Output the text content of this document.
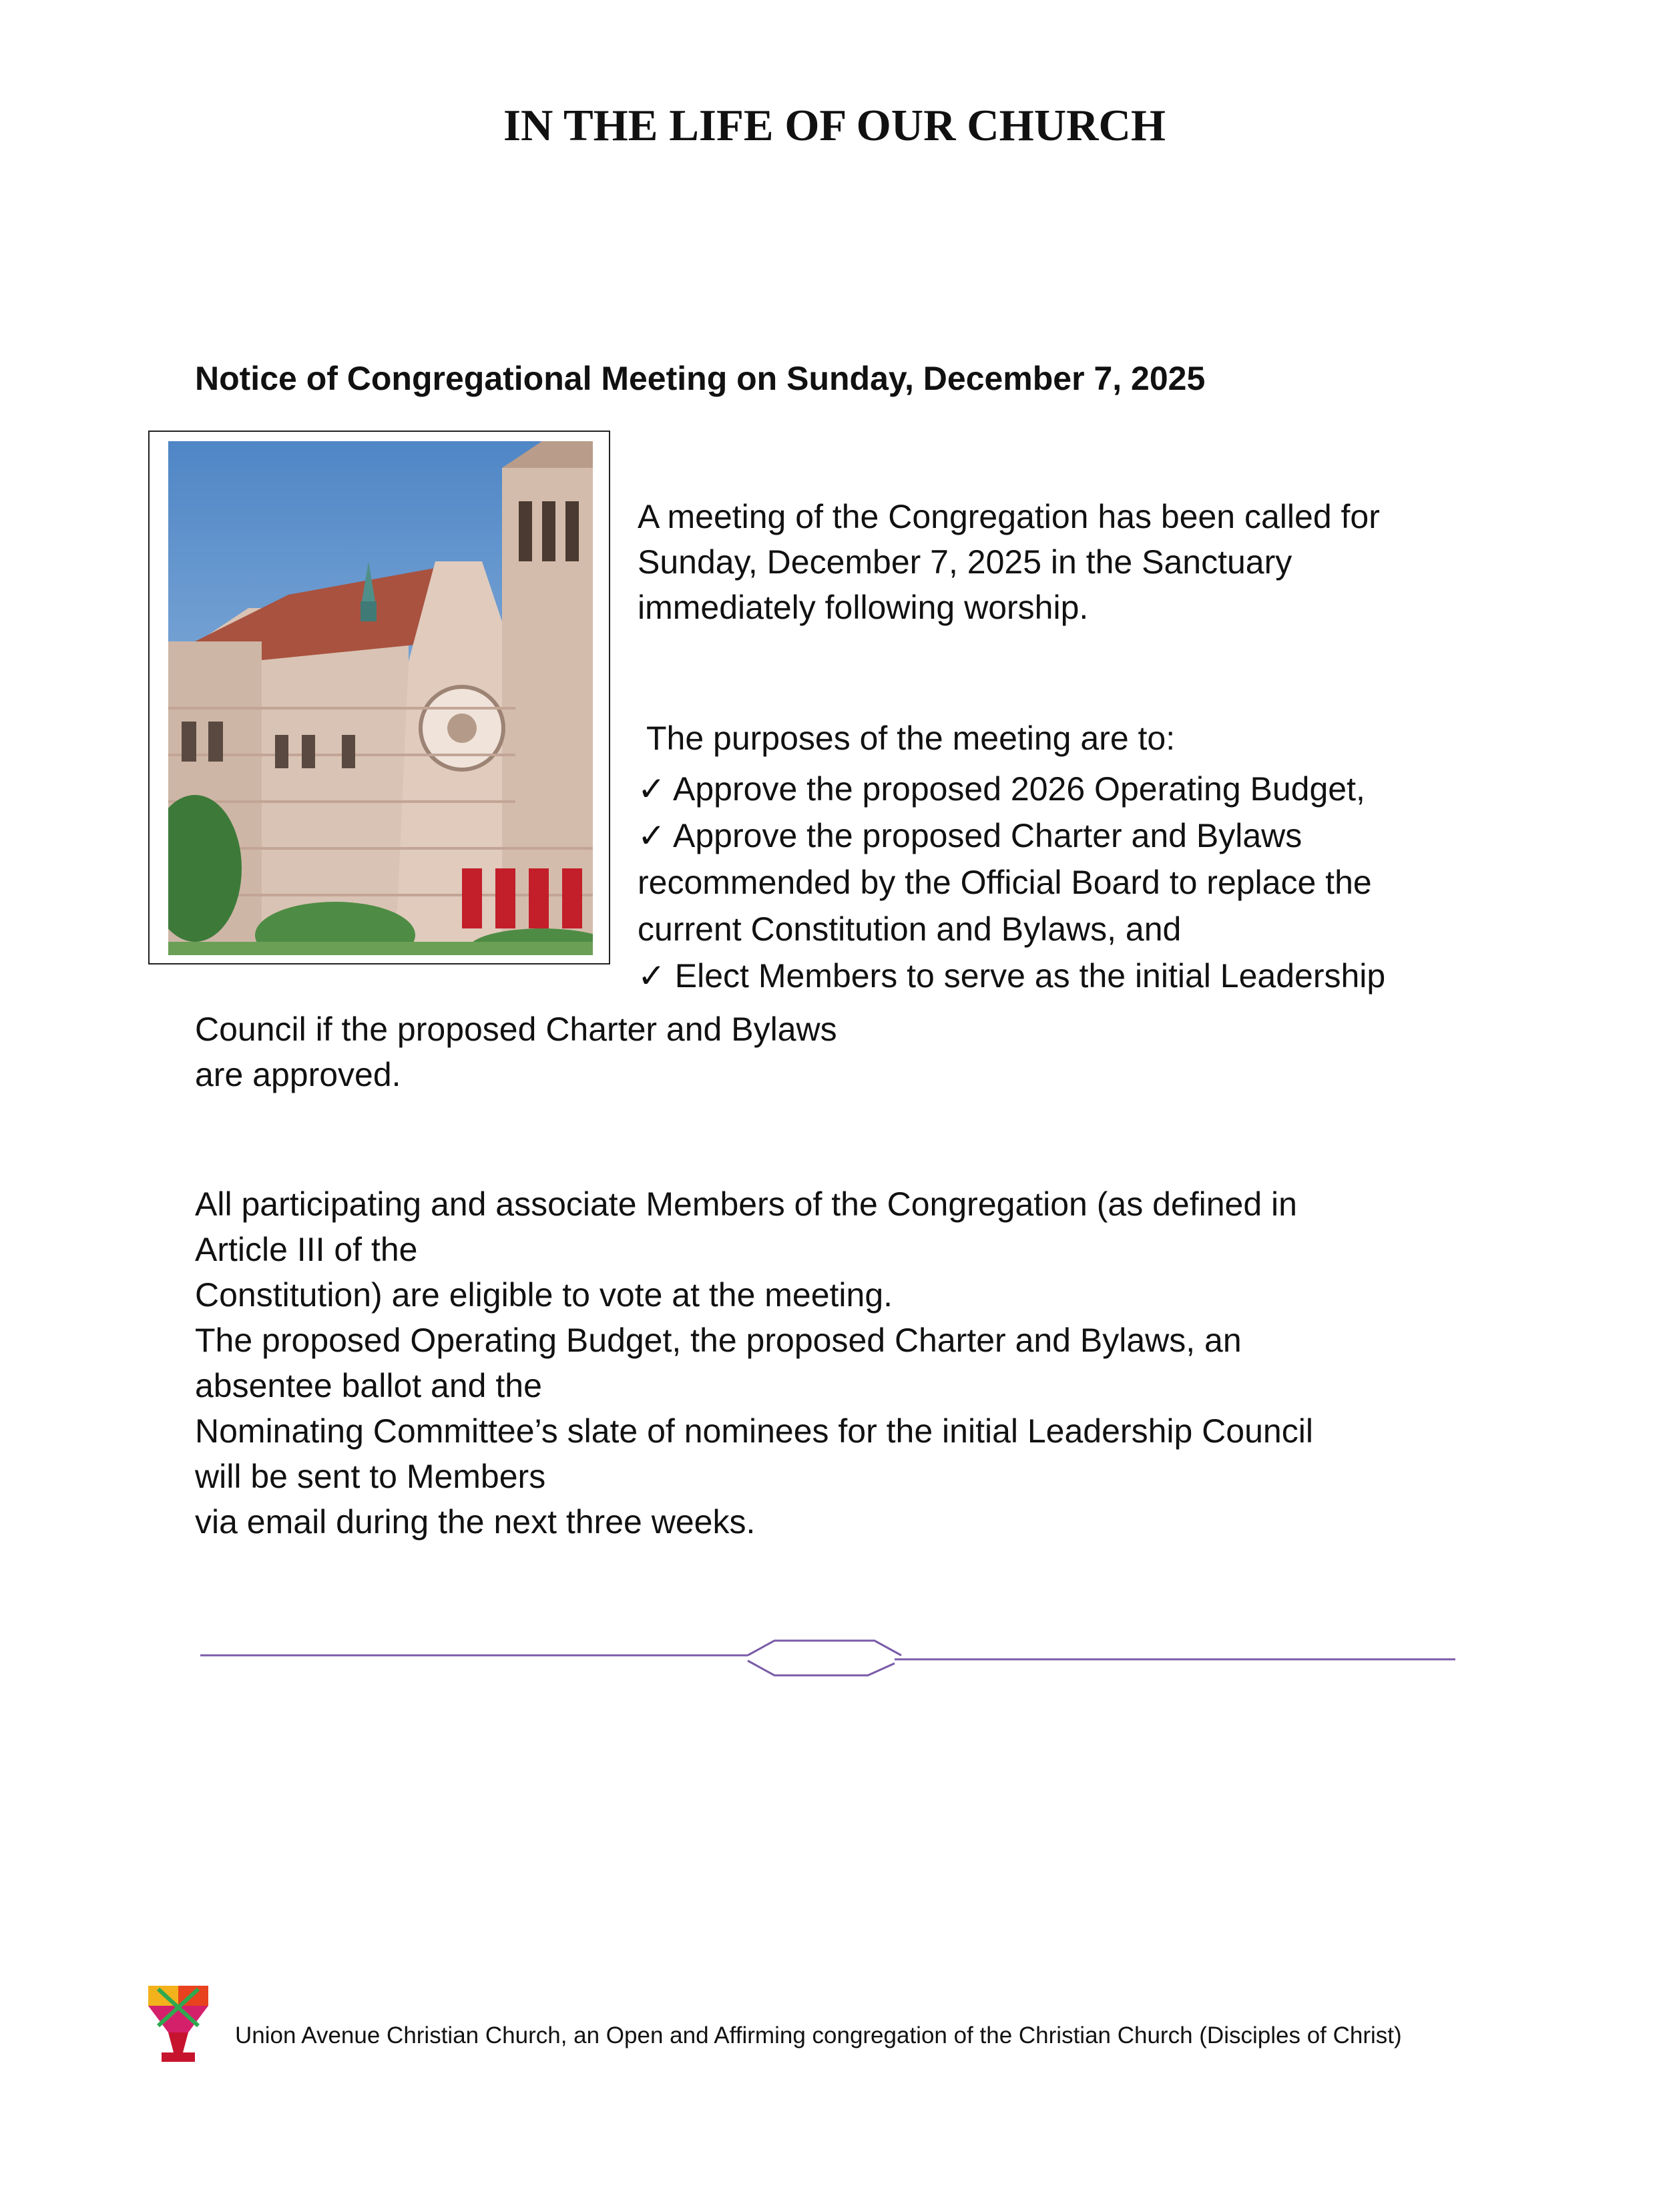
IN THE LIFE OF OUR CHURCH
Notice of Congregational Meeting on Sunday, December 7, 2025
A meeting of the Congregation has been called for
Sunday, December 7, 2025 in the Sanctuary
immediately following worship.
The purposes of the meeting are to:
✓ Approve the proposed 2026 Operating Budget,
✓ Approve the proposed Charter and Bylaws
recommended by the Official Board to replace the
current Constitution and Bylaws, and
✓ Elect Members to serve as the initial Leadership
Council if the proposed Charter and Bylaws
are approved.
All participating and associate Members of the Congregation (as defined in
Article III of the
Constitution) are eligible to vote at the meeting.
The proposed Operating Budget, the proposed Charter and Bylaws, an
absentee ballot and the
Nominating Committee’s slate of nominees for the initial Leadership Council
will be sent to Members
via email during the next three weeks.
Union Avenue Christian Church, an Open and Affirming congregation of the Christian Church (Disciples of Christ)
